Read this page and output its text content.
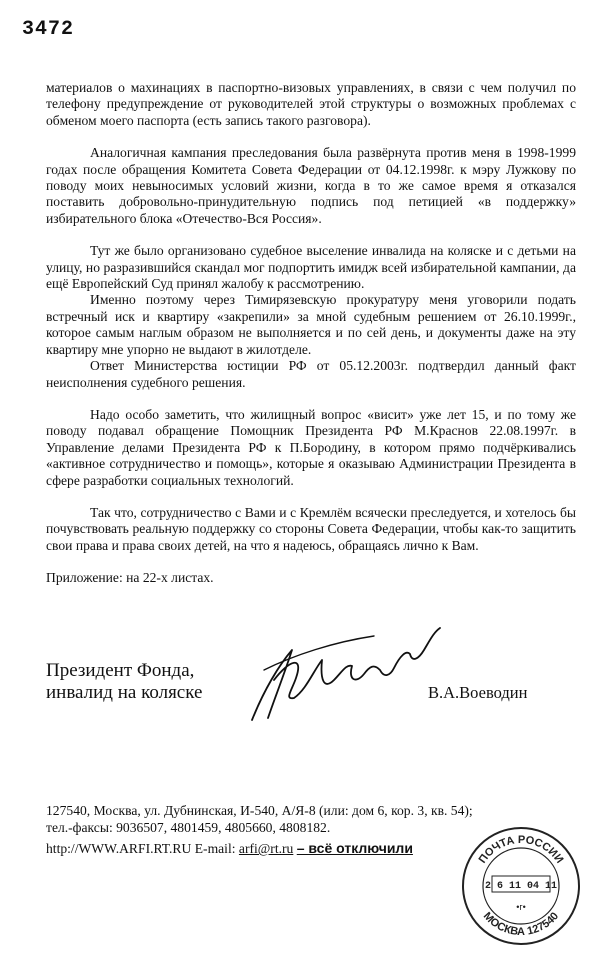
3472

материалов о махинациях в паспортно-визовых управлениях, в связи с чем получил по телефону предупреждение от руководителей этой структуры о возможных проблемах с обменом моего паспорта (есть запись такого разговора).

Аналогичная кампания преследования была развёрнута против меня в 1998-1999 годах после обращения Комитета Совета Федерации от 04.12.1998г. к мэру Лужкову по поводу моих невыносимых условий жизни, когда в то же самое время я отказался поставить добровольно-принудительную подпись под петицией «в поддержку» избирательного блока «Отечество-Вся Россия».

Тут же было организовано судебное выселение инвалида на коляске и с детьми на улицу, но разразившийся скандал мог подпортить имидж всей избирательной кампании, да ещё Европейский Суд принял жалобу к рассмотрению.

Именно поэтому через Тимирязевскую прокуратуру меня уговорили подать встречный иск и квартиру «закрепили» за мной судебным решением от 26.10.1999г., которое самым наглым образом не выполняется и по сей день, и документы даже на эту квартиру мне упорно не выдают в жилотделе.

Ответ Министерства юстиции РФ от 05.12.2003г. подтвердил данный факт неисполнения судебного решения.

Надо особо заметить, что жилищный вопрос «висит» уже лет 15, и по тому же поводу подавал обращение Помощник Президента РФ М.Краснов 22.08.1997г. в Управление делами Президента РФ к П.Бородину, в котором прямо подчёркивались «активное сотрудничество и помощь», которые я оказываю Администрации Президента в сфере разработки социальных технологий.

Так что, сотрудничество с Вами и с Кремлём всячески преследуется, и хотелось бы почувствовать реальную поддержку со стороны Совета Федерации, чтобы как-то защитить свои права и права своих детей, на что я надеюсь, обращаясь лично к Вам.

Приложение: на 22-х листах.

Президент Фонда,
инвалид на коляске	В.А.Воеводин
127540, Москва, ул. Дубнинская, И-540, А/Я-8 (или: дом 6, кор. 3, кв. 54);
тел.-факсы: 9036507, 4801459, 4805660, 4808182.
http://WWW.ARFI.RT.RU E-mail: arfi@rt.ru – всё отключили
ПОЧТА РОССИИ
2 6 11 04 11
•г•
МОСКВА 127540
